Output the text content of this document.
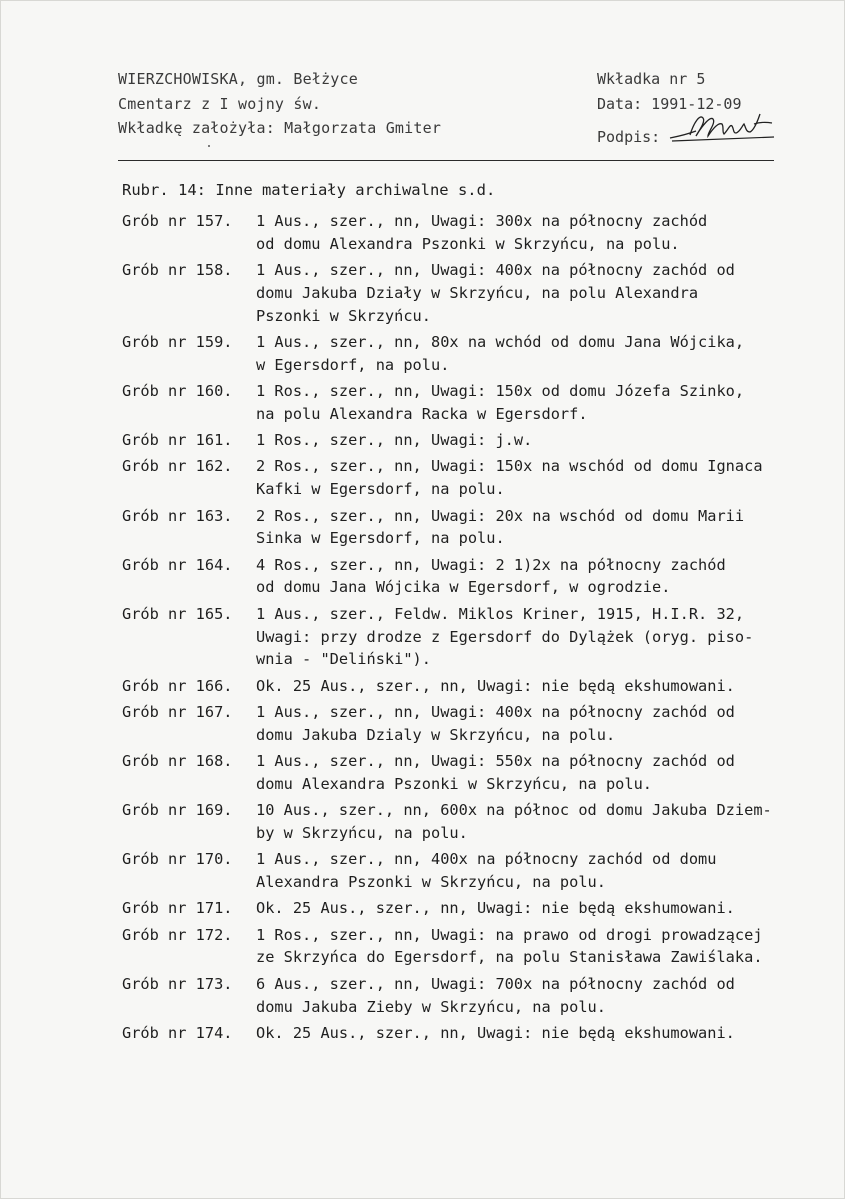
WIERZCHOWISKA, gm. Bełżyce
Cmentarz z I wojny św.
Wkładkę założyła: Małgorzata Gmiter
Wkładka nr 5
Data: 1991-12-09
Podpis:
Rubr. 14: Inne materiały archiwalne s.d.
Grób nr 157.	1 Aus., szer., nn, Uwagi: 300x na północny zachód
od domu Alexandra Pszonki w Skrzyńcu, na polu.
Grób nr 158.	1 Aus., szer., nn, Uwagi: 400x na północny zachód od
domu Jakuba Działy w Skrzyńcu, na polu Alexandra
Pszonki w Skrzyńcu.
Grób nr 159.	1 Aus., szer., nn, 80x na wchód od domu Jana Wójcika,
w Egersdorf, na polu.
Grób nr 160.	1 Ros., szer., nn, Uwagi: 150x od domu Józefa Szinko,
na polu Alexandra Racka w Egersdorf.
Grób nr 161.	1 Ros., szer., nn, Uwagi: j.w.
Grób nr 162.	2 Ros., szer., nn, Uwagi: 150x na wschód od domu Ignaca
Kafki w Egersdorf, na polu.
Grób nr 163.	2 Ros., szer., nn, Uwagi: 20x na wschód od domu Marii
Sinka w Egersdorf, na polu.
Grób nr 164.	4 Ros., szer., nn, Uwagi: 2 1)2x na północny zachód
od domu Jana Wójcika w Egersdorf, w ogrodzie.
Grób nr 165.	1 Aus., szer., Feldw. Miklos Kriner, 1915, H.I.R. 32,
Uwagi: przy drodze z Egersdorf do Dylążek (oryg. piso-
wnia - "Deliński").
Grób nr 166.	Ok. 25 Aus., szer., nn, Uwagi: nie będą ekshumowani.
Grób nr 167.	1 Aus., szer., nn, Uwagi: 400x na północny zachód od
domu Jakuba Dzialy w Skrzyńcu, na polu.
Grób nr 168.	1 Aus., szer., nn, Uwagi: 550x na północny zachód od
domu Alexandra Pszonki w Skrzyńcu, na polu.
Grób nr 169.	10 Aus., szer., nn, 600x na północ od domu Jakuba Dziem-
by w Skrzyńcu, na polu.
Grób nr 170.	1 Aus., szer., nn, 400x na północny zachód od domu
Alexandra Pszonki w Skrzyńcu, na polu.
Grób nr 171.	Ok. 25 Aus., szer., nn, Uwagi: nie będą ekshumowani.
Grób nr 172.	1 Ros., szer., nn, Uwagi: na prawo od drogi prowadzącej
ze Skrzyńca do Egersdorf, na polu Stanisława Zawiślaka.
Grób nr 173.	6 Aus., szer., nn, Uwagi: 700x na północny zachód od
domu Jakuba Zieby w Skrzyńcu, na polu.
Grób nr 174.	Ok. 25 Aus., szer., nn, Uwagi: nie będą ekshumowani.
